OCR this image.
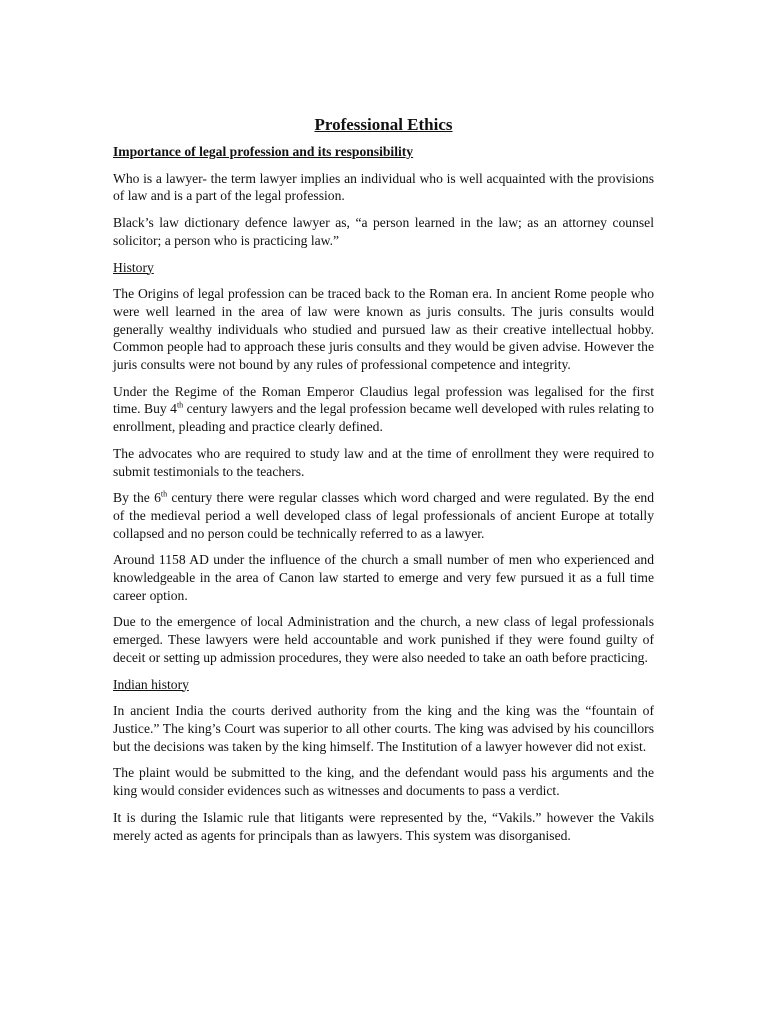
Professional Ethics
Importance of legal profession and its responsibility

Who is a lawyer- the term lawyer implies an individual who is well acquainted with the provisions of law and is a part of the legal profession.

Black’s law dictionary defence lawyer as, “a person learned in the law; as an attorney counsel solicitor; a person who is practicing law.”

History

The Origins of legal profession can be traced back to the Roman era. In ancient Rome people who were well learned in the area of law were known as juris consults. The juris consults would generally wealthy individuals who studied and pursued law as their creative intellectual hobby. Common people had to approach these juris consults and they would be given advise. However the juris consults were not bound by any rules of professional competence and integrity.

Under the Regime of the Roman Emperor Claudius legal profession was legalised for the first time. Buy 4th century lawyers and the legal profession became well developed with rules relating to enrollment, pleading and practice clearly defined.

The advocates who are required to study law and at the time of enrollment they were required to submit testimonials to the teachers.

By the 6th century there were regular classes which word charged and were regulated. By the end of the medieval period a well developed class of legal professionals of ancient Europe at totally collapsed and no person could be technically referred to as a lawyer.

Around 1158 AD under the influence of the church a small number of men who experienced and knowledgeable in the area of Canon law started to emerge and very few pursued it as a full time career option.

Due to the emergence of local Administration and the church, a new class of legal professionals emerged. These lawyers were held accountable and work punished if they were found guilty of deceit or setting up admission procedures, they were also needed to take an oath before practicing.

Indian history

In ancient India the courts derived authority from the king and the king was the “fountain of Justice.” The king’s Court was superior to all other courts. The king was advised by his councillors but the decisions was taken by the king himself. The Institution of a lawyer however did not exist.

The plaint would be submitted to the king, and the defendant would pass his arguments and the king would consider evidences such as witnesses and documents to pass a verdict.

It is during the Islamic rule that litigants were represented by the, “Vakils.” however the Vakils merely acted as agents for principals than as lawyers. This system was disorganised.
